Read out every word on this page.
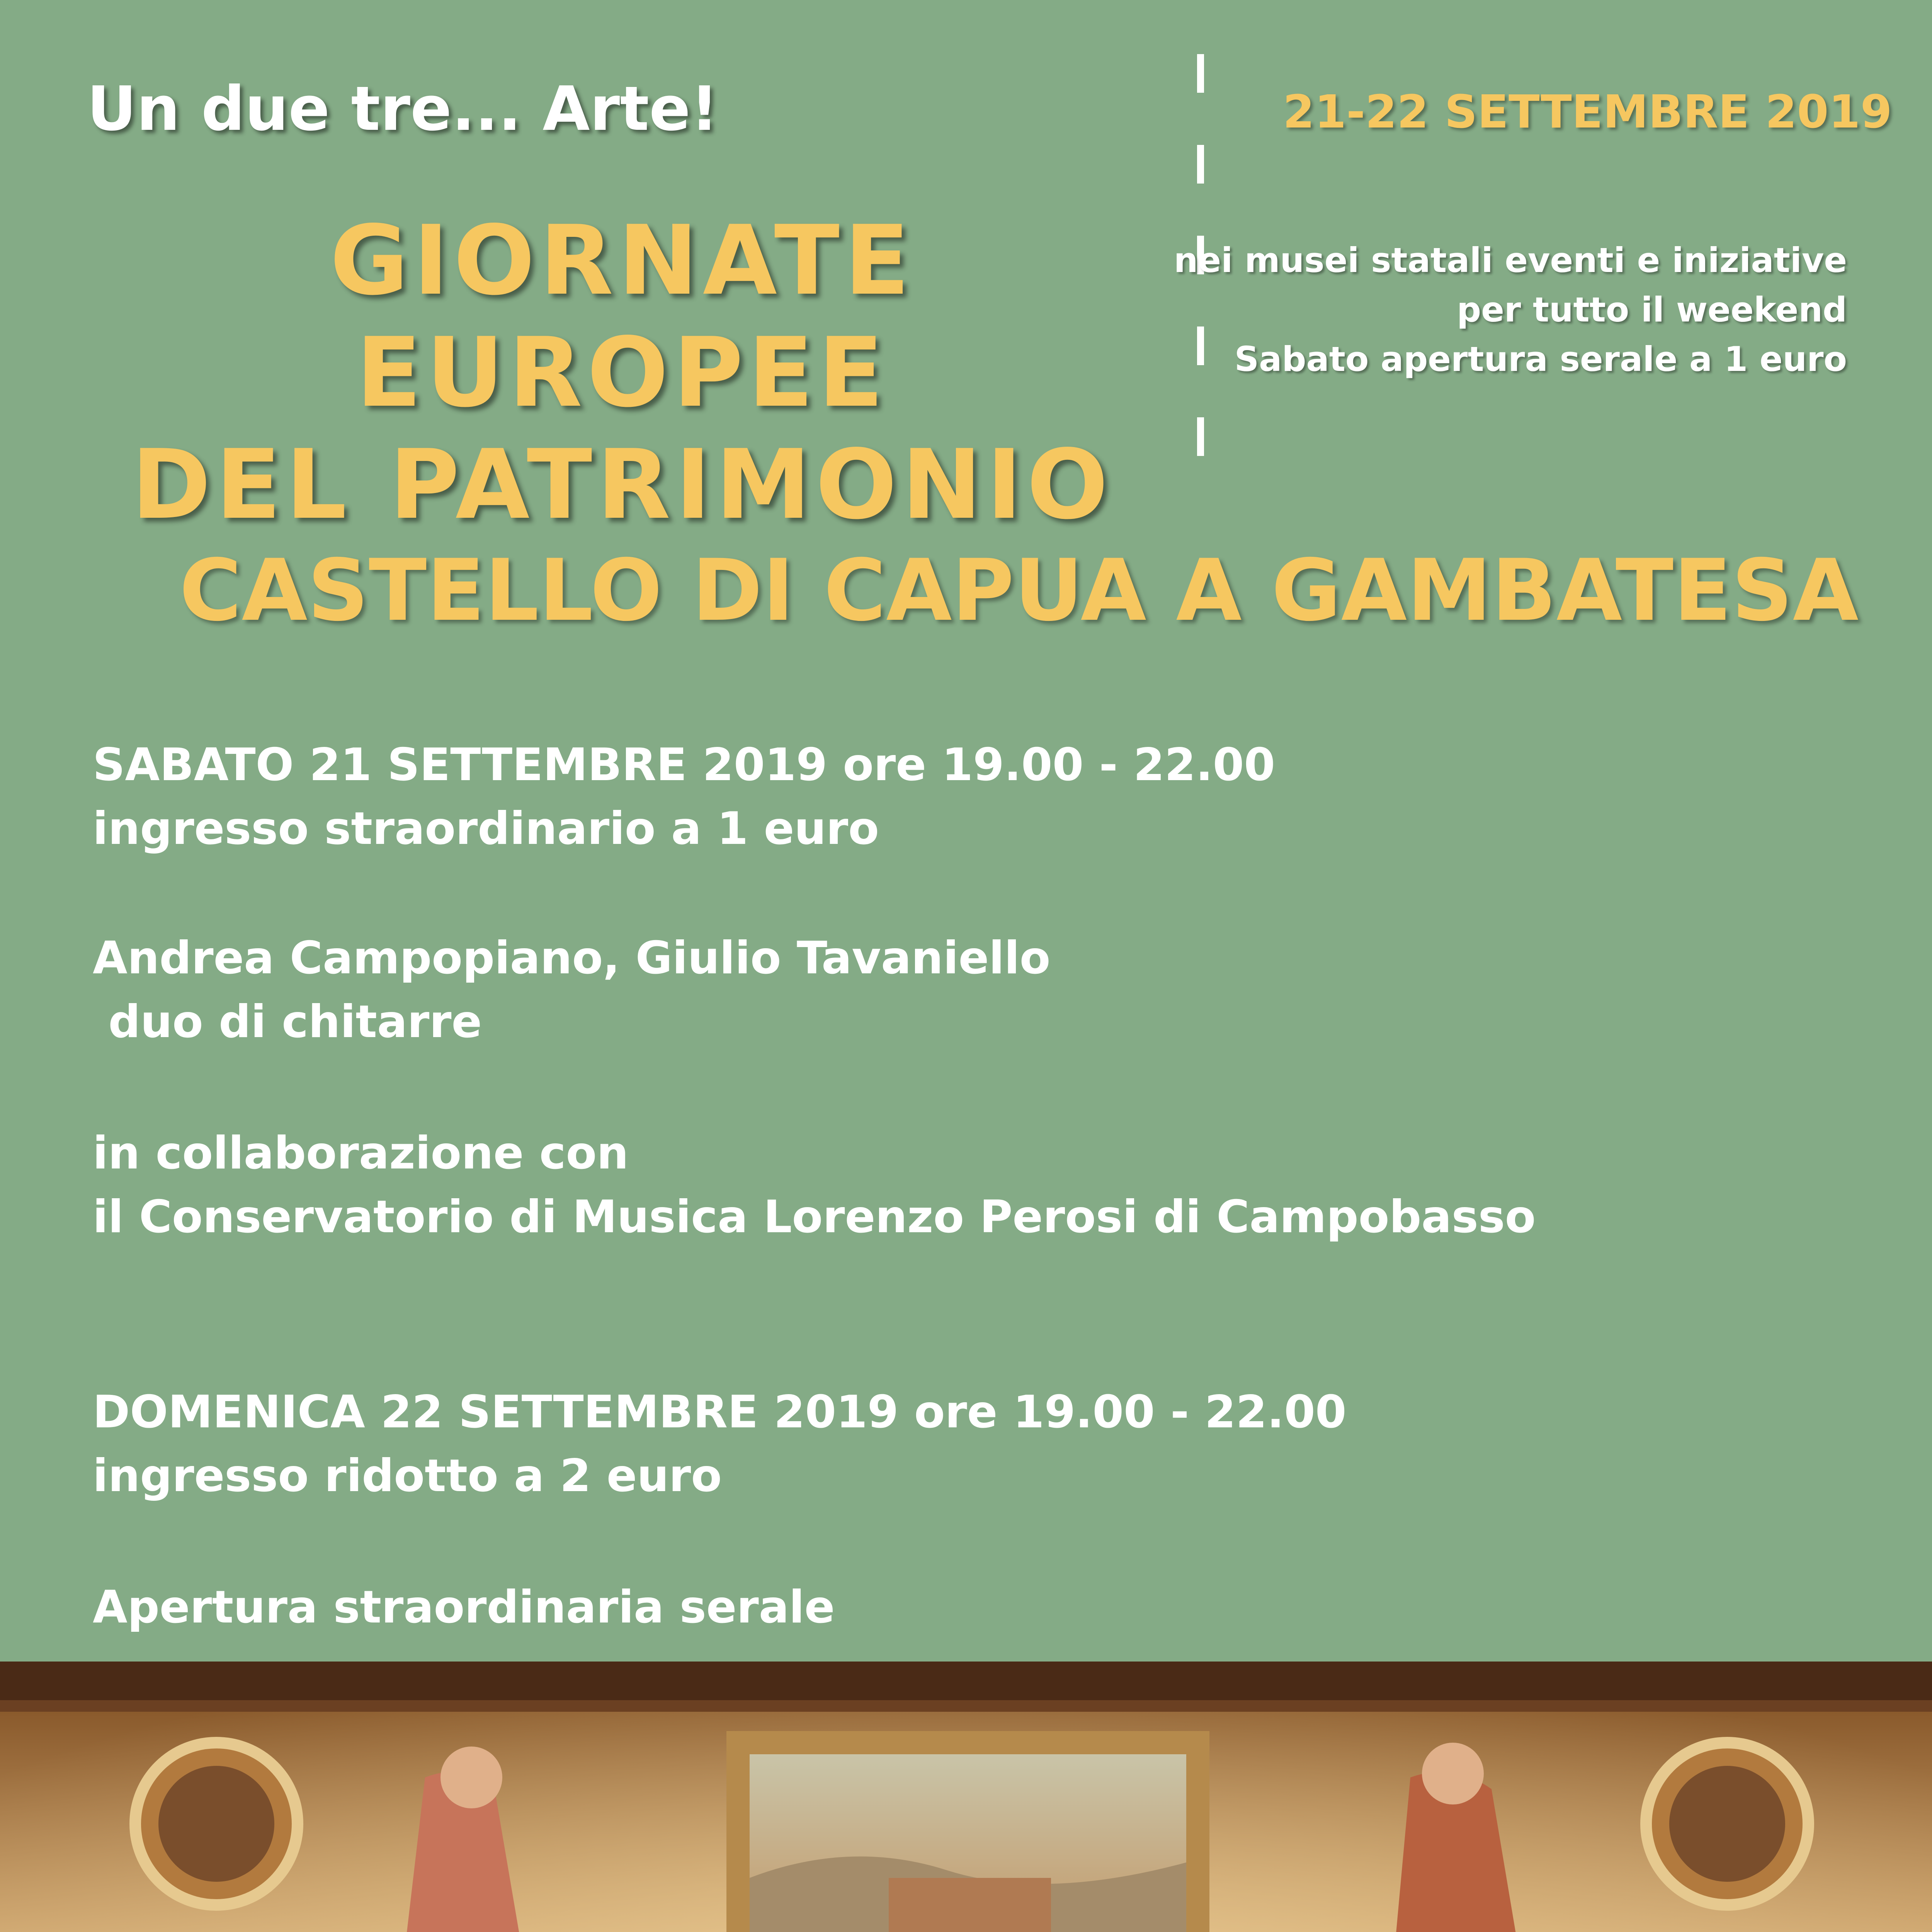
Un due tre... Arte!
GIORNATE EUROPEE
DEL PATRIMONIO
21-22 SETTEMBRE 2019
nei musei statali eventi e iniziative
per tutto il weekend
Sabato apertura serale a 1 euro
CASTELLO DI CAPUA A GAMBATESA
SABATO 21 SETTEMBRE 2019 ore 19.00 - 22.00
ingresso straordinario a 1 euro
Andrea Campopiano, Giulio Tavaniello
duo di chitarre
in collaborazione con
il Conservatorio di Musica Lorenzo Perosi di Campobasso
DOMENICA 22 SETTEMBRE 2019 ore 19.00 - 22.00
ingresso ridotto a 2 euro
Apertura straordinaria serale
